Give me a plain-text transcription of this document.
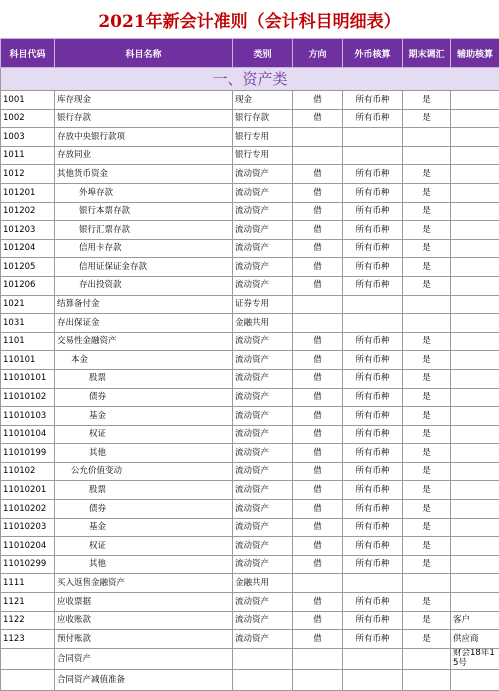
2021年新会计准则（会计科目明细表）
科目代码	科目名称	类别	方向	外币核算	期末调汇	辅助核算
一、资产类						
1001	库存现金	现金	借	所有币种	是	
1002	银行存款	银行存款	借	所有币种	是	
1003	存放中央银行款项	银行专用				
1011	存放同业	银行专用				
1012	其他货币资金	流动资产	借	所有币种	是	
101201	外埠存款	流动资产	借	所有币种	是	
101202	银行本票存款	流动资产	借	所有币种	是	
101203	银行汇票存款	流动资产	借	所有币种	是	
101204	信用卡存款	流动资产	借	所有币种	是	
101205	信用证保证金存款	流动资产	借	所有币种	是	
101206	存出投资款	流动资产	借	所有币种	是	
1021	结算备付金	证券专用				
1031	存出保证金	金融共用				
1101	交易性金融资产	流动资产	借	所有币种	是	
110101	本金	流动资产	借	所有币种	是	
11010101	股票	流动资产	借	所有币种	是	
11010102	债券	流动资产	借	所有币种	是	
11010103	基金	流动资产	借	所有币种	是	
11010104	权证	流动资产	借	所有币种	是	
11010199	其他	流动资产	借	所有币种	是	
110102	公允价值变动	流动资产	借	所有币种	是	
11010201	股票	流动资产	借	所有币种	是	
11010202	债券	流动资产	借	所有币种	是	
11010203	基金	流动资产	借	所有币种	是	
11010204	权证	流动资产	借	所有币种	是	
11010299	其他	流动资产	借	所有币种	是	
1111	买入返售金融资产	金融共用				
1121	应收票据	流动资产	借	所有币种	是	
1122	应收账款	流动资产	借	所有币种	是	客户
1123	预付账款	流动资产	借	所有币种	是	供应商
	合同资产					财会18年15号
	合同资产减值准备					
